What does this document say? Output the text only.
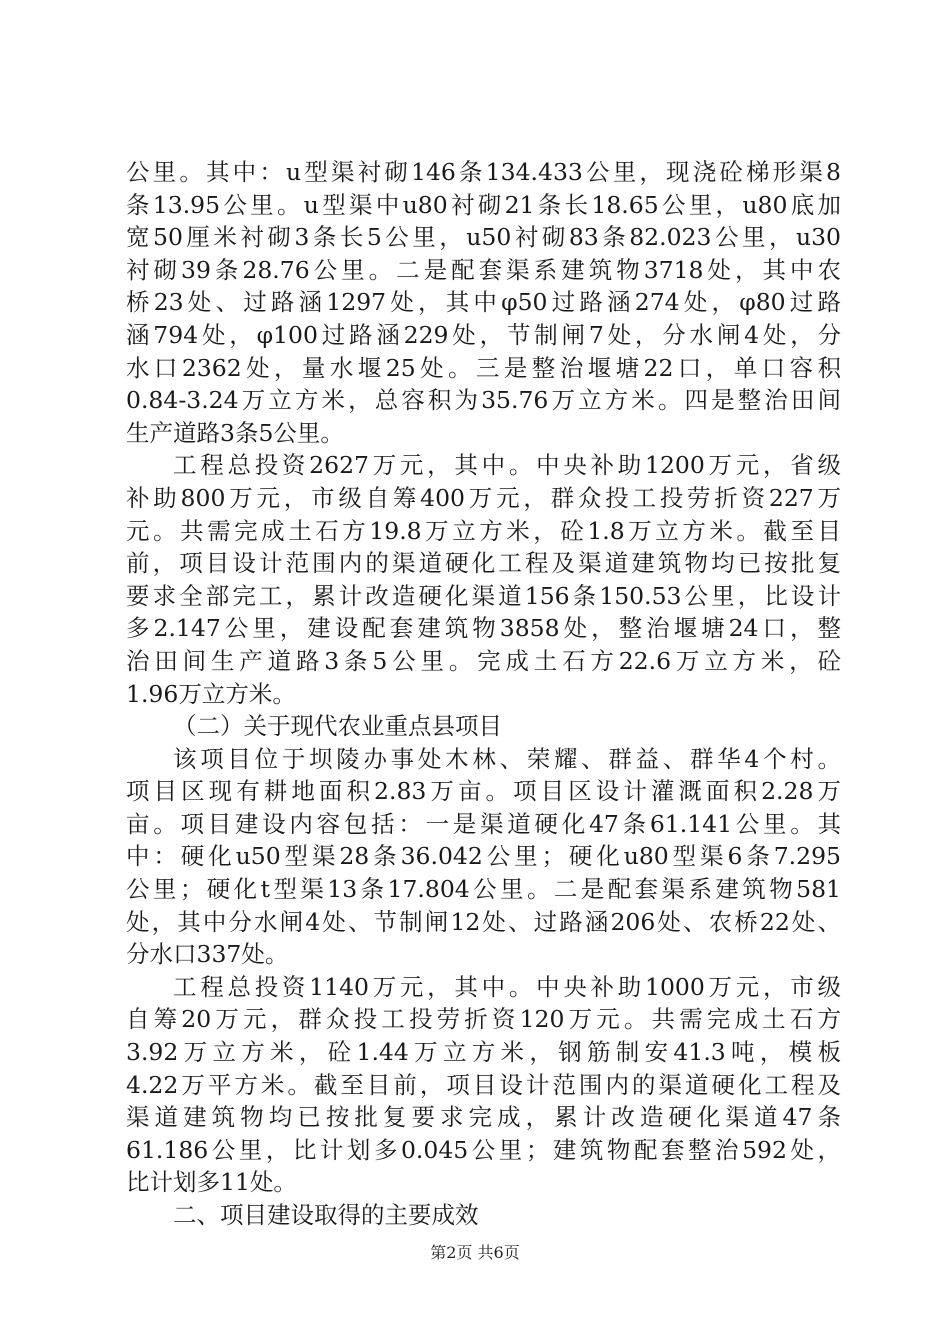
公里。其中：u型渠衬砌146条134.433公里，现浇砼梯形渠8
条13.95公里。u型渠中u80衬砌21条长18.65公里，u80底加
宽50厘米衬砌3条长5公里，u50衬砌83条82.023公里，u30
衬砌39条28.76公里。二是配套渠系建筑物3718处，其中农
桥23处、过路涵1297处，其中φ50过路涵274处，φ80过路
涵794处，φ100过路涵229处，节制闸7处，分水闸4处，分
水口2362处，量水堰25处。三是整治堰塘22口，单口容积
0.84-3.24万立方米，总容积为35.76万立方米。四是整治田间
生产道路3条5公里。
工程总投资2627万元，其中。中央补助1200万元，省级
补助800万元，市级自筹400万元，群众投工投劳折资227万
元。共需完成土石方19.8万立方米，砼1.8万立方米。截至目
前，项目设计范围内的渠道硬化工程及渠道建筑物均已按批复
要求全部完工，累计改造硬化渠道156条150.53公里，比设计
多2.147公里，建设配套建筑物3858处，整治堰塘24口，整
治田间生产道路3条5公里。完成土石方22.6万立方米，砼
1.96万立方米。
（二）关于现代农业重点县项目
该项目位于坝陵办事处木林、荣耀、群益、群华4个村。
项目区现有耕地面积2.83万亩。项目区设计灌溉面积2.28万
亩。项目建设内容包括：一是渠道硬化47条61.141公里。其
中：硬化u50型渠28条36.042公里；硬化u80型渠6条7.295
公里；硬化t型渠13条17.804公里。二是配套渠系建筑物581
处，其中分水闸4处、节制闸12处、过路涵206处、农桥22处、
分水口337处。
工程总投资1140万元，其中。中央补助1000万元，市级
自筹20万元，群众投工投劳折资120万元。共需完成土石方
3.92万立方米，砼1.44万立方米，钢筋制安41.3吨，模板
4.22万平方米。截至目前，项目设计范围内的渠道硬化工程及
渠道建筑物均已按批复要求完成，累计改造硬化渠道47条
61.186公里，比计划多0.045公里；建筑物配套整治592处，
比计划多11处。
二、项目建设取得的主要成效
第2页 共6页
